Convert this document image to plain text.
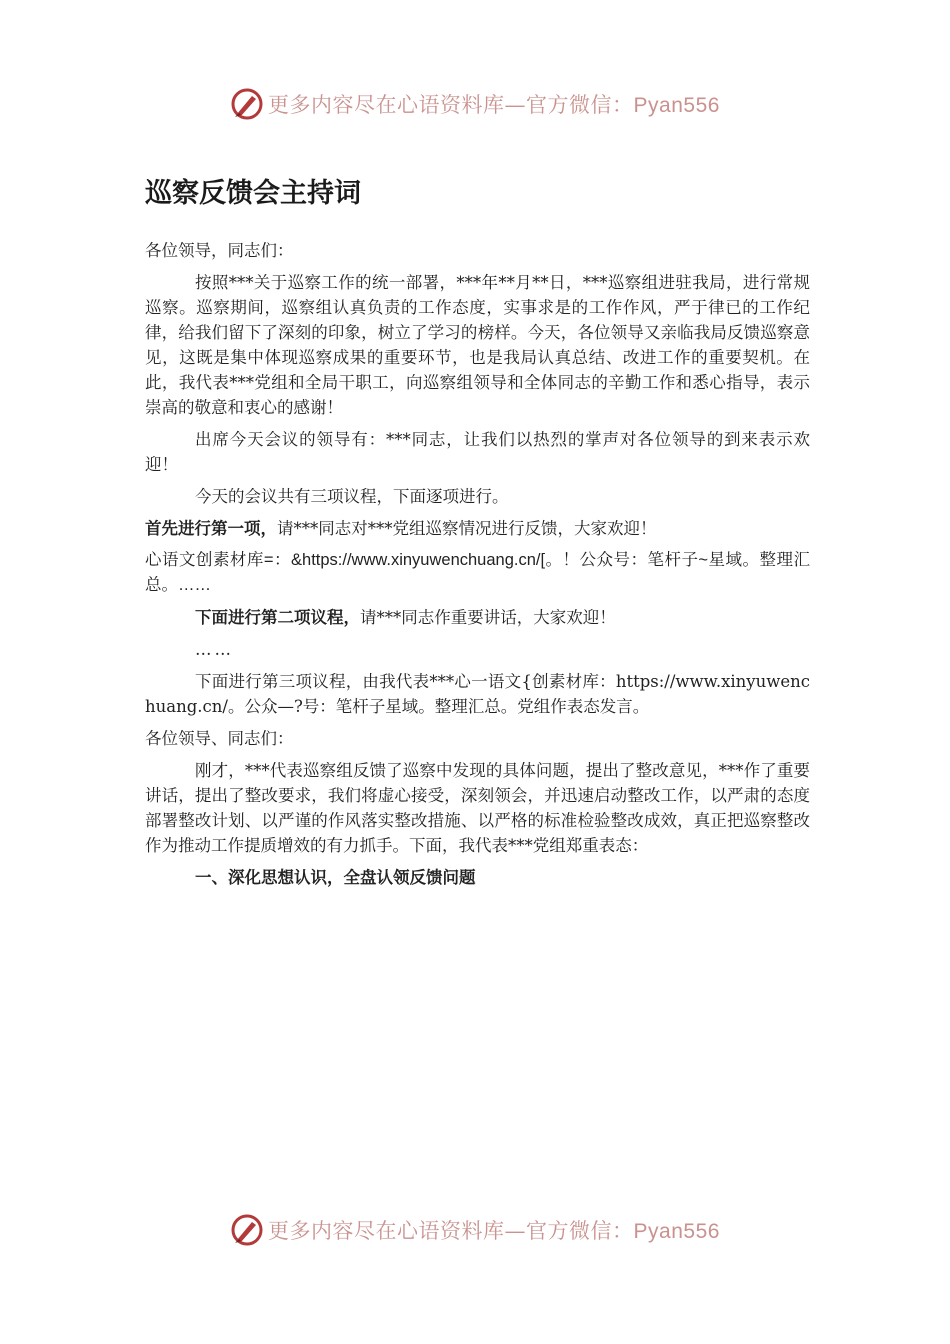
更多内容尽在心语资料库—官方微信：Pyan556
巡察反馈会主持词
各位领导，同志们：
按照***关于巡察工作的统一部署，***年**月**日，***巡察组进驻我局，进行常规巡察。巡察期间，巡察组认真负责的工作态度，实事求是的工作作风，严于律已的工作纪律，给我们留下了深刻的印象，树立了学习的榜样。今天，各位领导又亲临我局反馈巡察意见，这既是集中体现巡察成果的重要环节，也是我局认真总结、改进工作的重要契机。在此，我代表***党组和全局干职工，向巡察组领导和全体同志的辛勤工作和悉心指导，表示崇高的敬意和衷心的感谢！
出席今天会议的领导有：***同志，让我们以热烈的掌声对各位领导的到来表示欢迎！
今天的会议共有三项议程，下面逐项进行。
首先进行第一项，请***同志对***党组巡察情况进行反馈，大家欢迎！
心语文创素材库=：&https://www.xinyuwenchuang.cn/[。！公众号：笔杆子~星域。整理汇总。……
下面进行第二项议程，请***同志作重要讲话，大家欢迎！
……
下面进行第三项议程，由我代表***心一语文{创素材库：https://www.xinyuwenchuang.cn/。公众—?号：笔杆子星域。整理汇总。党组作表态发言。
各位领导、同志们：
刚才，***代表巡察组反馈了巡察中发现的具体问题，提出了整改意见，***作了重要讲话，提出了整改要求，我们将虚心接受，深刻领会，并迅速启动整改工作，以严肃的态度部署整改计划、以严谨的作风落实整改措施、以严格的标准检验整改成效，真正把巡察整改作为推动工作提质增效的有力抓手。下面，我代表***党组郑重表态：
一、深化思想认识，全盘认领反馈问题
更多内容尽在心语资料库—官方微信：Pyan556
